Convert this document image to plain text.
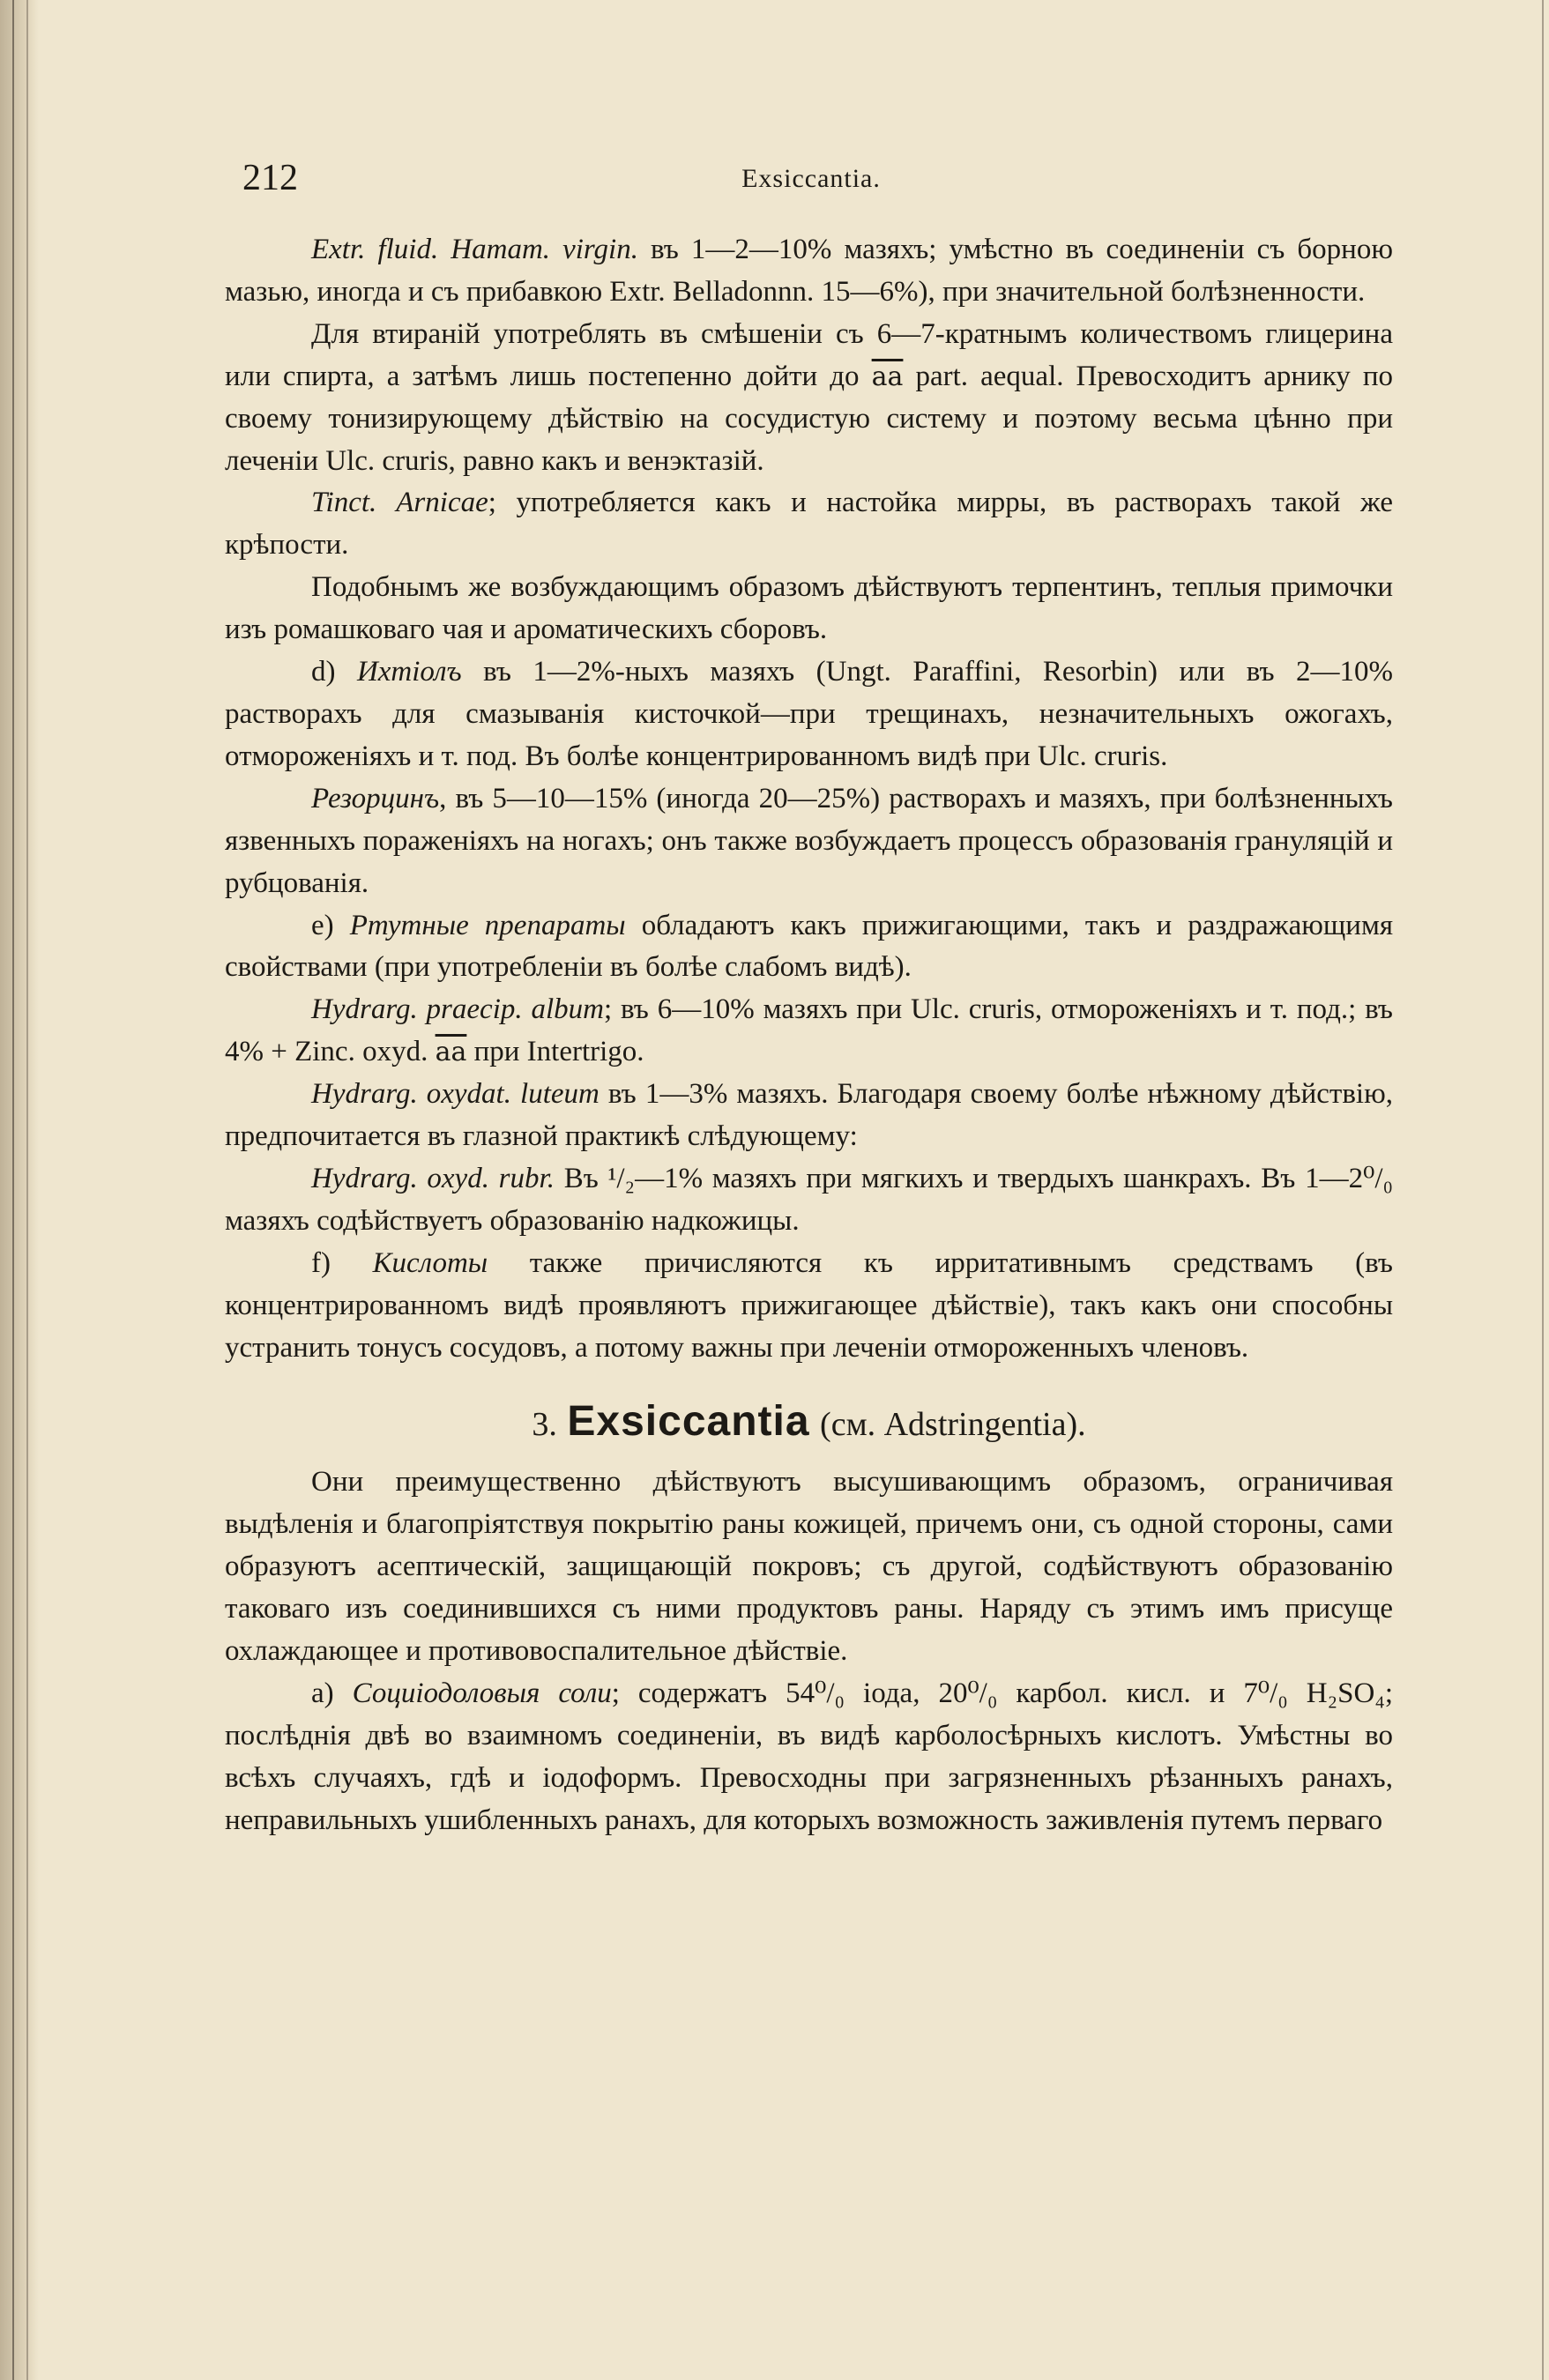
212	Exsiccantia.

Extr. fluid. Hamam. virgin. въ 1—2—10% мазяхъ; умѣстно въ соединеніи съ борною мазью, иногда и съ прибавкою Extr. Belladonnn. 15—6%), при значительной болѣзненности.

Для втираній употреблять въ смѣшеніи съ 6—7-кратнымъ количествомъ глицерина или спирта, а затѣмъ лишь постепенно дойти до $\overline{aa}$ part. aequal. Превосходитъ арнику по своему тонизирующему дѣйствію на сосудистую систему и поэтому весьма цѣнно при леченіи Ulc. cruris, равно какъ и венэктазій.

Tinct. Arnicae; употребляется какъ и настойка мирры, въ растворахъ такой же крѣпости.

Подобнымъ же возбуждающимъ образомъ дѣйствуютъ терпентинъ, теплыя примочки изъ ромашковаго чая и ароматическихъ сборовъ.

d) Ихтіолъ въ 1—2%-ныхъ мазяхъ (Ungt. Paraffini, Resorbin) или въ 2—10% растворахъ для смазыванія кисточкой—при трещинахъ, незначительныхъ ожогахъ, отмороженіяхъ и т. под. Въ болѣе концентрированномъ видѣ при Ulc. cruris.

Резорцинъ, въ 5—10—15% (иногда 20—25%) растворахъ и мазяхъ, при болѣзненныхъ язвенныхъ пораженіяхъ на ногахъ; онъ также возбуждаетъ процессъ образованія грануляцій и рубцованія.

e) Ртутные препараты обладаютъ какъ прижигающими, такъ и раздражающимя свойствами (при употребленіи въ болѣе слабомъ видѣ).

Hydrarg. praecip. album; въ 6—10% мазяхъ при Ulc. cruris, отмороженіяхъ и т. под.; въ 4% + Zinc. oxyd. $\overline{aa}$ при Intertrigo.

Hydrarg. oxydat. luteum въ 1—3% мазяхъ. Благодаря своему болѣе нѣжному дѣйствію, предпочитается въ глазной практикѣ слѣдующему:

Hydrarg. oxyd. rubr. Въ ¹/₂—1% мазяхъ при мягкихъ и твердыхъ шанкрахъ. Въ 1—2⁰/₀ мазяхъ содѣйствуетъ образованію надкожицы.

f) Кислоты также причисляются къ ирритативнымъ средствамъ (въ концентрированномъ видѣ проявляютъ прижигающее дѣйствіе), такъ какъ они способны устранить тонусъ сосудовъ, а потому важны при леченіи отмороженныхъ членовъ.

3. Exsiccantia (см. Adstringentia).

Они преимущественно дѣйствуютъ высушивающимъ образомъ, ограничивая выдѣленія и благопріятствуя покрытію раны кожицей, причемъ они, съ одной стороны, сами образуютъ асептическій, защищающій покровъ; съ другой, содѣйствуютъ образованію таковаго изъ соединившихся съ ними продуктовъ раны. Наряду съ этимъ имъ присуще охлаждающее и противовоспалительное дѣйствіе.

a) Социіодоловыя соли; содержатъ 54⁰/₀ іода, 20⁰/₀ карбол. кисл. и 7⁰/₀ H₂SO₄; послѣднія двѣ во взаимномъ соединеніи, въ видѣ карболосѣрныхъ кислотъ. Умѣстны во всѣхъ случаяхъ, гдѣ и іодоформъ. Превосходны при загрязненныхъ рѣзанныхъ ранахъ, неправильныхъ ушибленныхъ ранахъ, для которыхъ возможность заживленія путемъ перваго
